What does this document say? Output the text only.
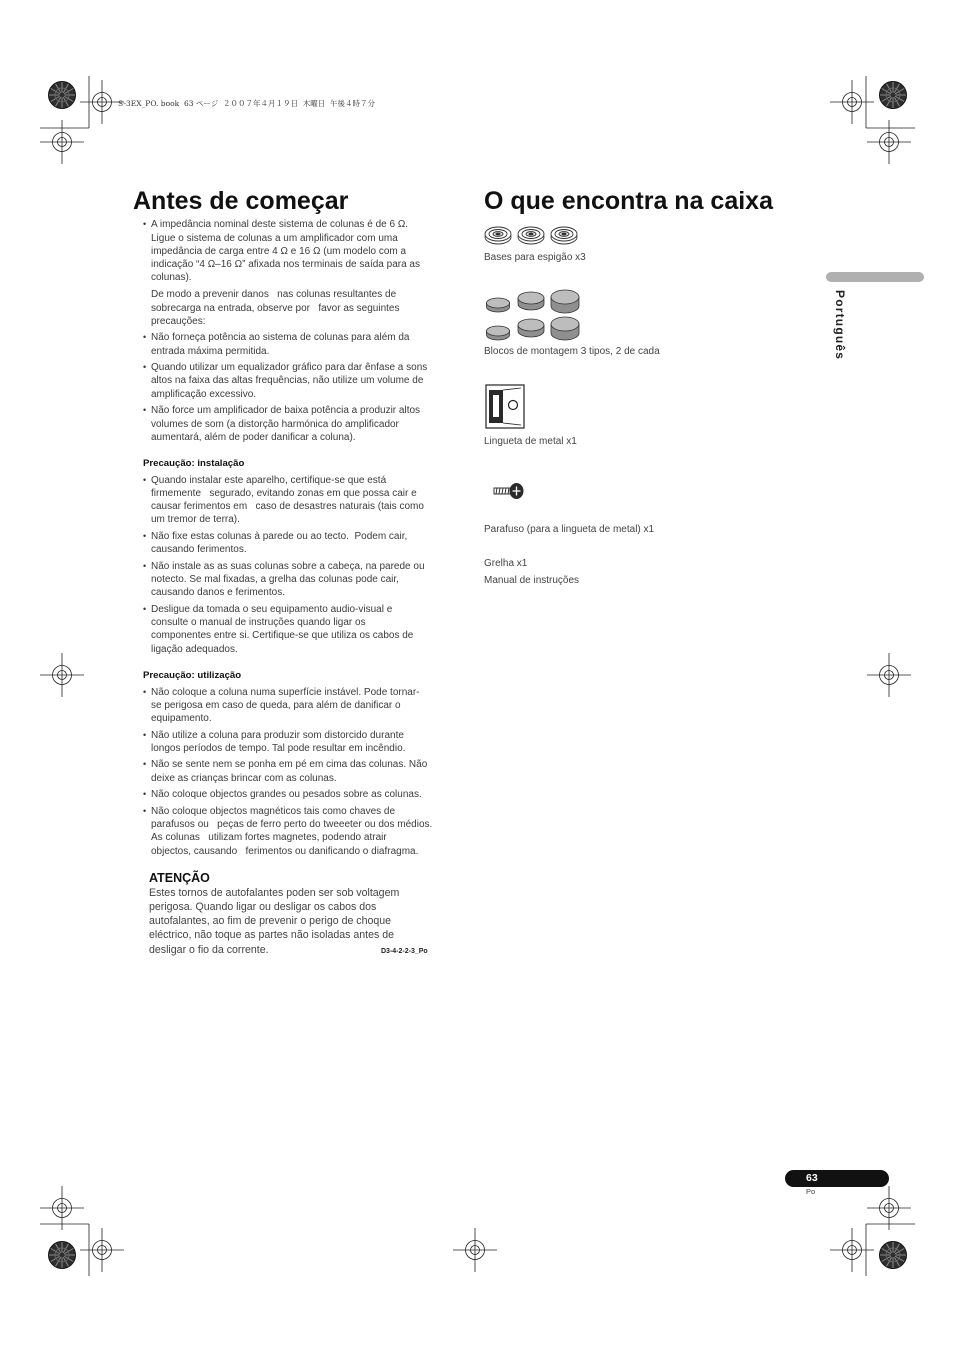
S-3EX_PO. book  63 ページ  ２００７年４月１９日  木曜日  午後４時７分
Antes de começar
• A impedância nominal deste sistema de colunas é de 6 Ω.
Ligue o sistema de colunas a um amplificador com uma
impedância de carga entre 4 Ω e 16 Ω (um modelo com a
indicação “4 Ω–16 Ω” afixada nos terminais de saída para as
colunas).
De modo a prevenir danos   nas colunas resultantes de
sobrecarga na entrada, observe por   favor as seguintes
precauções:
• Não forneça potência ao sistema de colunas para além da
entrada máxima permitida.
• Quando utilizar um equalizador gráfico para dar ênfase a sons
altos na faixa das altas frequências, não utilize um volume de
amplificação excessivo.
• Não force um amplificador de baixa potência a produzir altos
volumes de som (a distorção harmónica do amplificador
aumentará, além de poder danificar a coluna).
Precaução: instalação
• Quando instalar este aparelho, certifique-se que está
firmemente   segurado, evitando zonas em que possa cair e
causar ferimentos em   caso de desastres naturais (tais como
um tremor de terra).
• Não fixe estas colunas à parede ou ao tecto.  Podem cair,
causando ferimentos.
• Não instale as as suas colunas sobre a cabeça, na parede ou
notecto. Se mal fixadas, a grelha das colunas pode cair,
causando danos e ferimentos.
• Desligue da tomada o seu equipamento audio-visual e
consulte o manual de instruções quando ligar os
componentes entre si. Certifique-se que utiliza os cabos de
ligação adequados.
Precaução: utilização
• Não coloque a coluna numa superfície instável. Pode tornar-
se perigosa em caso de queda, para além de danificar o
equipamento.
• Não utilize a coluna para produzir som distorcido durante
longos períodos de tempo. Tal pode resultar em incêndio.
• Não se sente nem se ponha em pé em cima das colunas. Não
deixe as crianças brincar com as colunas.
• Não coloque objectos grandes ou pesados sobre as colunas.
• Não coloque objectos magnéticos tais como chaves de
parafusos ou   peças de ferro perto do tweeeter ou dos médios.
As colunas   utilizam fortes magnetes, podendo atrair
objectos, causando   ferimentos ou danificando o diafragma.
ATENÇÃO
Estes tornos de autofalantes poden ser sob voltagem
perigosa. Quando ligar ou desligar os cabos dos
autofalantes, ao fim de prevenir o perigo de choque
eléctrico, não toque as partes não isoladas antes de
desligar o fio da corrente.	D3-4-2-2-3_Po
O que encontra na caixa
Bases para espigão x3
Blocos de montagem 3 tipos, 2 de cada
Lingueta de metal x1
Parafuso (para a lingueta de metal) x1
Grelha x1
Manual de instruções
Português
63
Po
